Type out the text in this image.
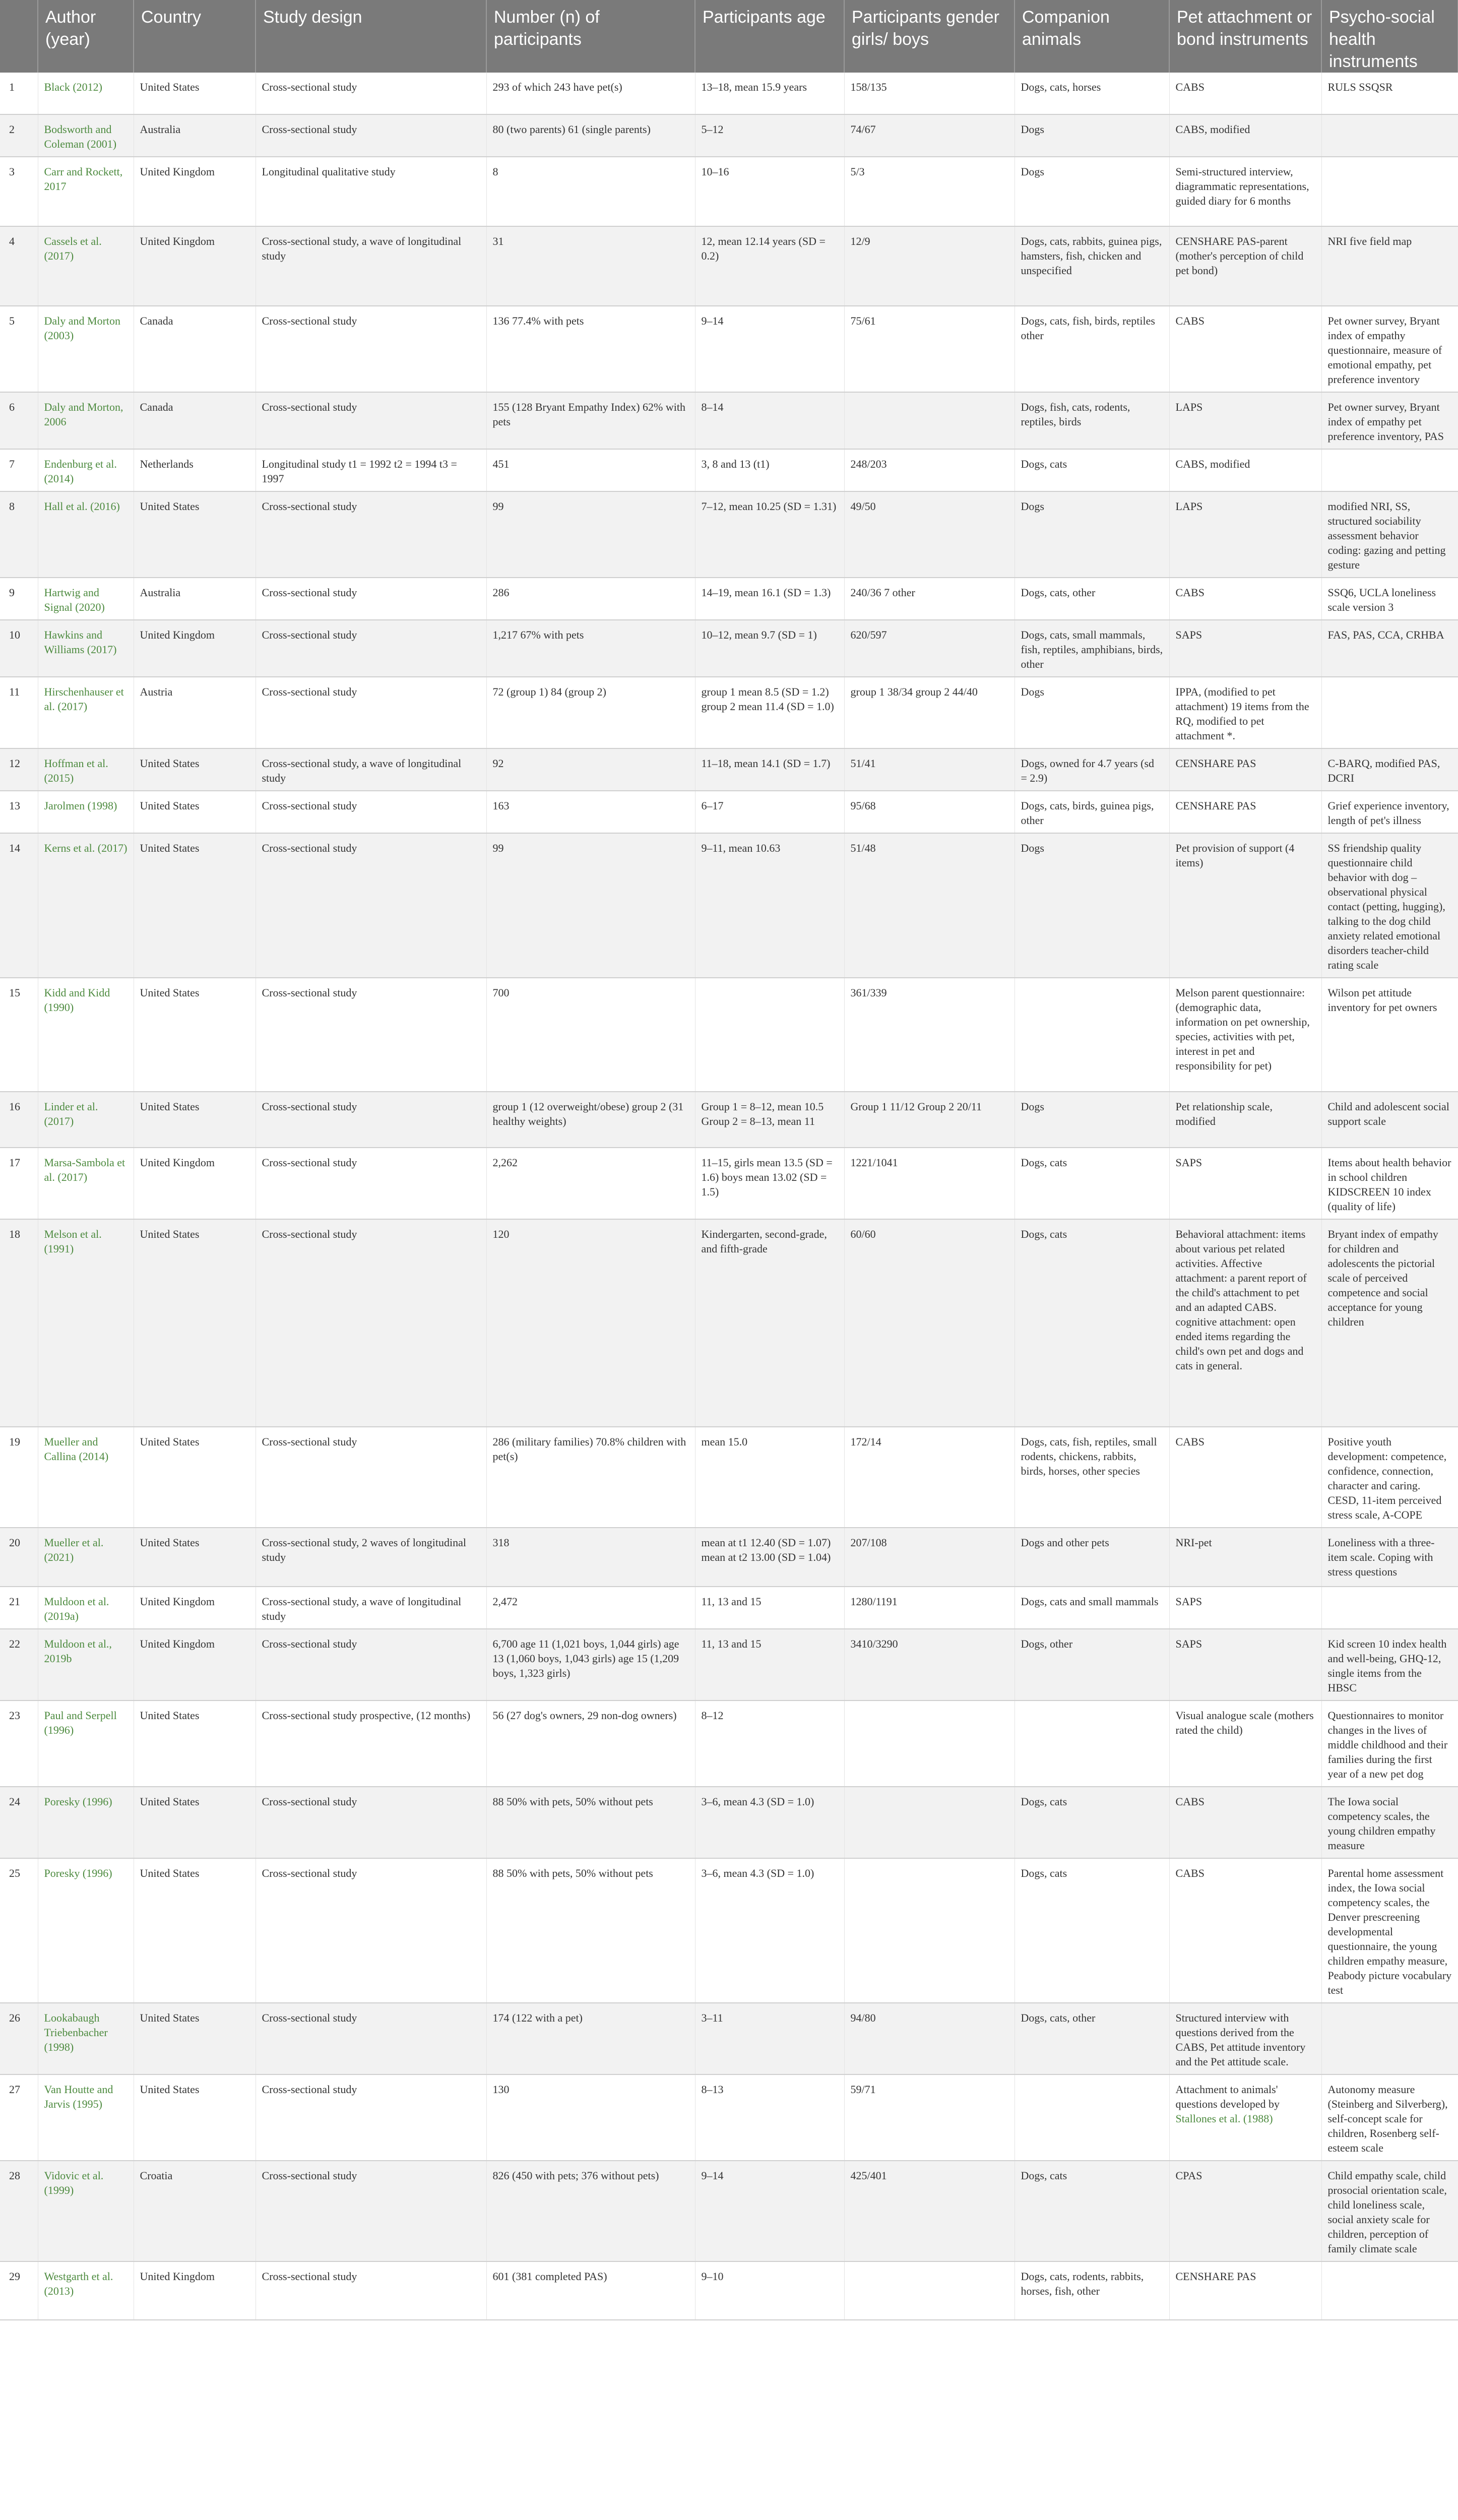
	Author (year)	Country	Study design	Number (n) of participants	Participants age	Participants gender girls/ boys	Companion animals	Pet attachment or bond instruments	Psycho-social health instruments
1	Black (2012)	United States	Cross-sectional study	293 of which 243 have pet(s)	13–18, mean 15.9 years	158/135	Dogs, cats, horses	CABS	RULS SSQSR
2	Bodsworth and Coleman (2001)	Australia	Cross-sectional study	80 (two parents) 61 (single parents)	5–12	74/67	Dogs	CABS, modified	
3	Carr and Rockett, 2017	United Kingdom	Longitudinal qualitative study	8	10–16	5/3	Dogs	Semi-structured interview, diagrammatic representations, guided diary for 6 months	
4	Cassels et al. (2017)	United Kingdom	Cross-sectional study, a wave of longitudinal study	31	12, mean 12.14 years (SD = 0.2)	12/9	Dogs, cats, rabbits, guinea pigs, hamsters, fish, chicken and unspecified	CENSHARE PAS-parent (mother's perception of child pet bond)	NRI five field map
5	Daly and Morton (2003)	Canada	Cross-sectional study	136 77.4% with pets	9–14	75/61	Dogs, cats, fish, birds, reptiles other	CABS	Pet owner survey, Bryant index of empathy questionnaire, measure of emotional empathy, pet preference inventory
6	Daly and Morton, 2006	Canada	Cross-sectional study	155 (128 Bryant Empathy Index) 62% with pets	8–14		Dogs, fish, cats, rodents, reptiles, birds	LAPS	Pet owner survey, Bryant index of empathy pet preference inventory, PAS
7	Endenburg et al. (2014)	Netherlands	Longitudinal study t1 = 1992 t2 = 1994 t3 = 1997	451	3, 8 and 13 (t1)	248/203	Dogs, cats	CABS, modified	
8	Hall et al. (2016)	United States	Cross-sectional study	99	7–12, mean 10.25 (SD = 1.31)	49/50	Dogs	LAPS	modified NRI, SS, structured sociability assessment behavior coding: gazing and petting gesture
9	Hartwig and Signal (2020)	Australia	Cross-sectional study	286	14–19, mean 16.1 (SD = 1.3)	240/36 7 other	Dogs, cats, other	CABS	SSQ6, UCLA loneliness scale version 3
10	Hawkins and Williams (2017)	United Kingdom	Cross-sectional study	1,217 67% with pets	10–12, mean 9.7 (SD = 1)	620/597	Dogs, cats, small mammals, fish, reptiles, amphibians, birds, other	SAPS	FAS, PAS, CCA, CRHBA
11	Hirschenhauser et al. (2017)	Austria	Cross-sectional study	72 (group 1) 84 (group 2)	group 1 mean 8.5 (SD = 1.2) group 2 mean 11.4 (SD = 1.0)	group 1 38/34 group 2 44/40	Dogs	IPPA, (modified to pet attachment) 19 items from the RQ, modified to pet attachment *.	
12	Hoffman et al. (2015)	United States	Cross-sectional study, a wave of longitudinal study	92	11–18, mean 14.1 (SD = 1.7)	51/41	Dogs, owned for 4.7 years (sd = 2.9)	CENSHARE PAS	C-BARQ, modified PAS, DCRI
13	Jarolmen (1998)	United States	Cross-sectional study	163	6–17	95/68	Dogs, cats, birds, guinea pigs, other	CENSHARE PAS	Grief experience inventory, length of pet's illness
14	Kerns et al. (2017)	United States	Cross-sectional study	99	9–11, mean 10.63	51/48	Dogs	Pet provision of support (4 items)	SS friendship quality questionnaire child behavior with dog – observational physical contact (petting, hugging), talking to the dog child anxiety related emotional disorders teacher-child rating scale
15	Kidd and Kidd (1990)	United States	Cross-sectional study	700		361/339		Melson parent questionnaire: (demographic data, information on pet ownership, species, activities with pet, interest in pet and responsibility for pet)	Wilson pet attitude inventory for pet owners
16	Linder et al. (2017)	United States	Cross-sectional study	group 1 (12 overweight/obese) group 2 (31 healthy weights)	Group 1 = 8–12, mean 10.5 Group 2 = 8–13, mean 11	Group 1 11/12 Group 2 20/11	Dogs	Pet relationship scale, modified	Child and adolescent social support scale
17	Marsa-Sambola et al. (2017)	United Kingdom	Cross-sectional study	2,262	11–15, girls mean 13.5 (SD = 1.6) boys mean 13.02 (SD = 1.5)	1221/1041	Dogs, cats	SAPS	Items about health behavior in school children KIDSCREEN 10 index (quality of life)
18	Melson et al. (1991)	United States	Cross-sectional study	120	Kindergarten, second-grade, and fifth-grade	60/60	Dogs, cats	Behavioral attachment: items about various pet related activities. Affective attachment: a parent report of the child's attachment to pet and an adapted CABS. cognitive attachment: open ended items regarding the child's own pet and dogs and cats in general.	Bryant index of empathy for children and adolescents the pictorial scale of perceived competence and social acceptance for young children
19	Mueller and Callina (2014)	United States	Cross-sectional study	286 (military families) 70.8% children with pet(s)	mean 15.0	172/14	Dogs, cats, fish, reptiles, small rodents, chickens, rabbits, birds, horses, other species	CABS	Positive youth development: competence, confidence, connection, character and caring. CESD, 11-item perceived stress scale, A-COPE
20	Mueller et al. (2021)	United States	Cross-sectional study, 2 waves of longitudinal study	318	mean at t1 12.40 (SD = 1.07) mean at t2 13.00 (SD = 1.04)	207/108	Dogs and other pets	NRI-pet	Loneliness with a three-item scale. Coping with stress questions
21	Muldoon et al. (2019a)	United Kingdom	Cross-sectional study, a wave of longitudinal study	2,472	11, 13 and 15	1280/1191	Dogs, cats and small mammals	SAPS	
22	Muldoon et al., 2019b	United Kingdom	Cross-sectional study	6,700 age 11 (1,021 boys, 1,044 girls) age 13 (1,060 boys, 1,043 girls) age 15 (1,209 boys, 1,323 girls)	11, 13 and 15	3410/3290	Dogs, other	SAPS	Kid screen 10 index health and well-being, GHQ-12, single items from the HBSC
23	Paul and Serpell (1996)	United States	Cross-sectional study prospective, (12 months)	56 (27 dog's owners, 29 non-dog owners)	8–12			Visual analogue scale (mothers rated the child)	Questionnaires to monitor changes in the lives of middle childhood and their families during the first year of a new pet dog
24	Poresky (1996)	United States	Cross-sectional study	88 50% with pets, 50% without pets	3–6, mean 4.3 (SD = 1.0)		Dogs, cats	CABS	The Iowa social competency scales, the young children empathy measure
25	Poresky (1996)	United States	Cross-sectional study	88 50% with pets, 50% without pets	3–6, mean 4.3 (SD = 1.0)		Dogs, cats	CABS	Parental home assessment index, the Iowa social competency scales, the Denver prescreening developmental questionnaire, the young children empathy measure, Peabody picture vocabulary test
26	Lookabaugh Triebenbacher (1998)	United States	Cross-sectional study	174 (122 with a pet)	3–11	94/80	Dogs, cats, other	Structured interview with questions derived from the CABS, Pet attitude inventory and the Pet attitude scale.	
27	Van Houtte and Jarvis (1995)	United States	Cross-sectional study	130	8–13	59/71		Attachment to animals' questions developed by Stallones et al. (1988)	Autonomy measure (Steinberg and Silverberg), self-concept scale for children, Rosenberg self-esteem scale
28	Vidovic et al. (1999)	Croatia	Cross-sectional study	826 (450 with pets; 376 without pets)	9–14	425/401	Dogs, cats	CPAS	Child empathy scale, child prosocial orientation scale, child loneliness scale, social anxiety scale for children, perception of family climate scale
29	Westgarth et al. (2013)	United Kingdom	Cross-sectional study	601 (381 completed PAS)	9–10		Dogs, cats, rodents, rabbits, horses, fish, other	CENSHARE PAS	
